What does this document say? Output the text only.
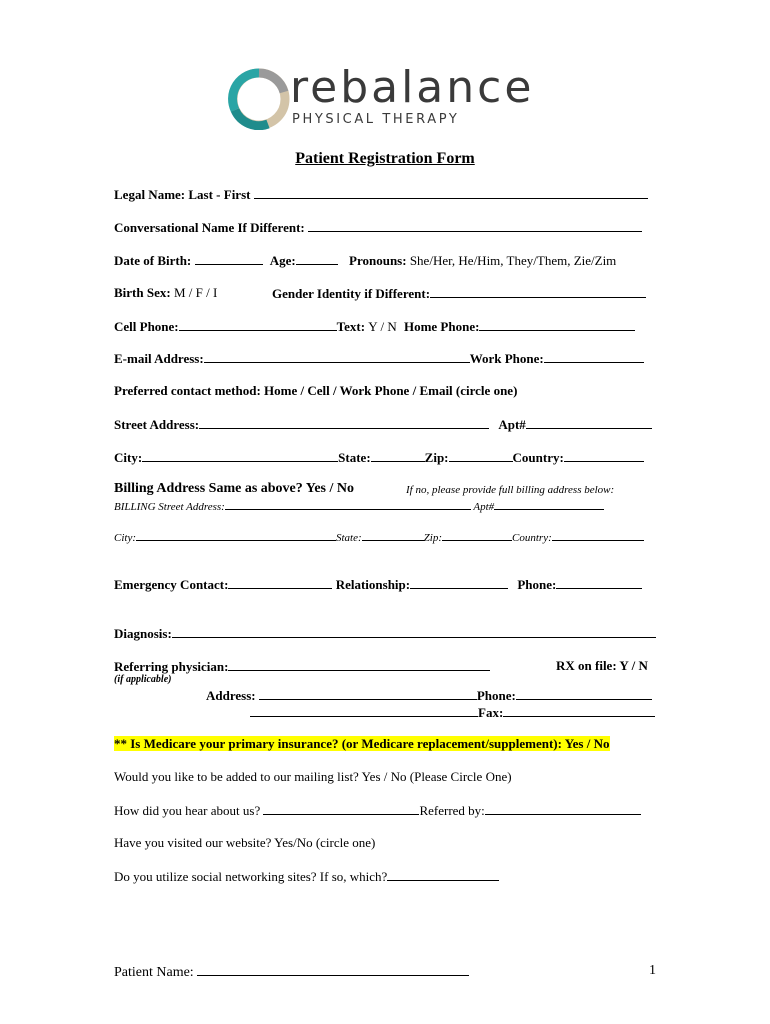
rebalance
PHYSICAL THERAPY
Patient Registration Form
Legal Name: Last - First
Conversational Name If Different:
Date of Birth:	Age:	Pronouns: She/Her, He/Him, They/Them, Zie/Zim
Birth Sex: M / F / I	Gender Identity if Different:
Cell Phone:	Text: Y / N Home Phone:
E-mail Address:	Work Phone:
Preferred contact method: Home / Cell / Work Phone / Email (circle one)
Street Address:	Apt#
City:	State:	Zip:	Country:
Billing Address Same as above? Yes / No	If no, please provide full billing address below:
BILLING Street Address:	Apt#
City:	State:	Zip:	Country:
Emergency Contact:	Relationship:	Phone:
Diagnosis:
Referring physician:	RX on file: Y / N
(if applicable)
Address:	Phone:
Fax:
** Is Medicare your primary insurance? (or Medicare replacement/supplement): Yes / No
Would you like to be added to our mailing list? Yes / No (Please Circle One)
How did you hear about us?	Referred by:
Have you visited our website? Yes/No (circle one)
Do you utilize social networking sites? If so, which?
Patient Name:	1
